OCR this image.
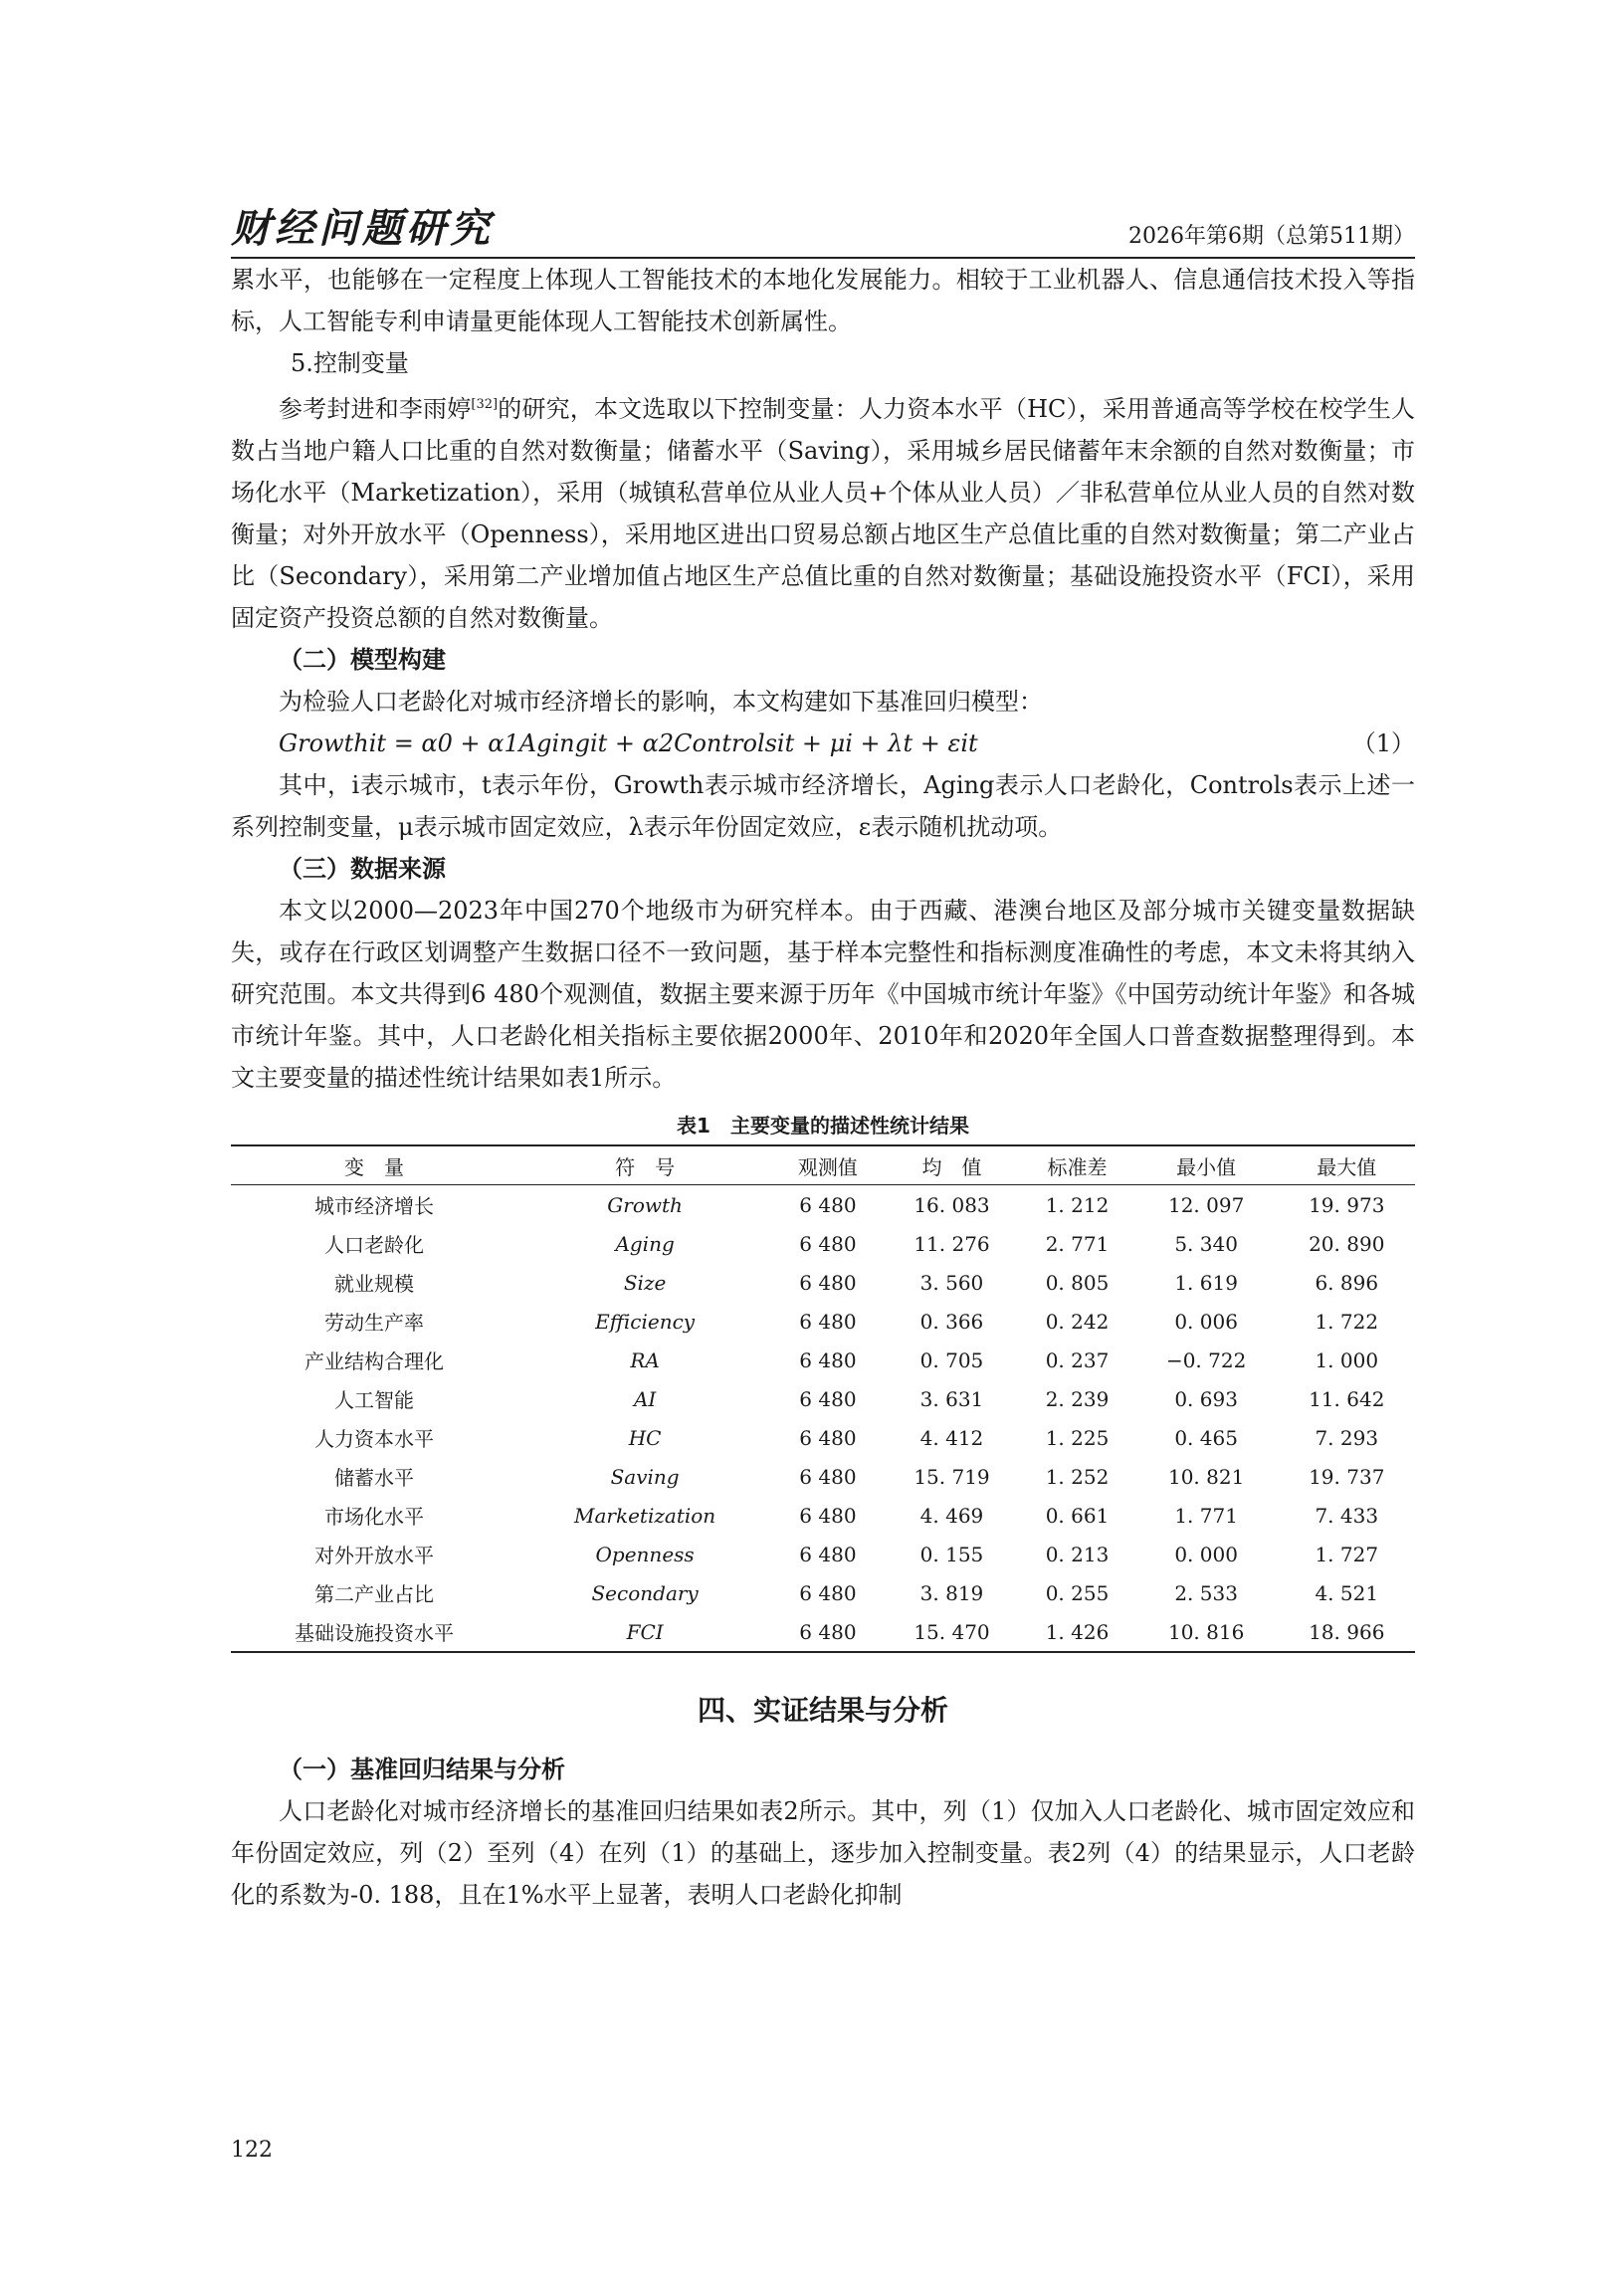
财经问题研究	2026年第6期（总第511期）

累水平，也能够在一定程度上体现人工智能技术的本地化发展能力。相较于工业机器人、信息通信技术投入等指标，人工智能专利申请量更能体现人工智能技术创新属性。

5.控制变量

参考封进和李雨婷[32]的研究，本文选取以下控制变量：人力资本水平（HC），采用普通高等学校在校学生人数占当地户籍人口比重的自然对数衡量；储蓄水平（Saving），采用城乡居民储蓄年末余额的自然对数衡量；市场化水平（Marketization），采用（城镇私营单位从业人员+个体从业人员）／非私营单位从业人员的自然对数衡量；对外开放水平（Openness），采用地区进出口贸易总额占地区生产总值比重的自然对数衡量；第二产业占比（Secondary），采用第二产业增加值占地区生产总值比重的自然对数衡量；基础设施投资水平（FCI），采用固定资产投资总额的自然对数衡量。

（二）模型构建

为检验人口老龄化对城市经济增长的影响，本文构建如下基准回归模型：

Growthit = α0 + α1Agingit + α2Controlsit + μi + λt + εit	（1）

其中，i表示城市，t表示年份，Growth表示城市经济增长，Aging表示人口老龄化，Controls表示上述一系列控制变量，μ表示城市固定效应，λ表示年份固定效应，ε表示随机扰动项。

（三）数据来源

本文以2000—2023年中国270个地级市为研究样本。由于西藏、港澳台地区及部分城市关键变量数据缺失，或存在行政区划调整产生数据口径不一致问题，基于样本完整性和指标测度准确性的考虑，本文未将其纳入研究范围。本文共得到6 480个观测值，数据主要来源于历年《中国城市统计年鉴》《中国劳动统计年鉴》和各城市统计年鉴。其中，人口老龄化相关指标主要依据2000年、2010年和2020年全国人口普查数据整理得到。本文主要变量的描述性统计结果如表1所示。

表1　主要变量的描述性统计结果
变　量	符　号	观测值	均　值	标准差	最小值	最大值
城市经济增长	Growth	6 480	16. 083	1. 212	12. 097	19. 973
人口老龄化	Aging	6 480	11. 276	2. 771	5. 340	20. 890
就业规模	Size	6 480	3. 560	0. 805	1. 619	6. 896
劳动生产率	Efficiency	6 480	0. 366	0. 242	0. 006	1. 722
产业结构合理化	RA	6 480	0. 705	0. 237	−0. 722	1. 000
人工智能	AI	6 480	3. 631	2. 239	0. 693	11. 642
人力资本水平	HC	6 480	4. 412	1. 225	0. 465	7. 293
储蓄水平	Saving	6 480	15. 719	1. 252	10. 821	19. 737
市场化水平	Marketization	6 480	4. 469	0. 661	1. 771	7. 433
对外开放水平	Openness	6 480	0. 155	0. 213	0. 000	1. 727
第二产业占比	Secondary	6 480	3. 819	0. 255	2. 533	4. 521
基础设施投资水平	FCI	6 480	15. 470	1. 426	10. 816	18. 966
四、实证结果与分析
（一）基准回归结果与分析

人口老龄化对城市经济增长的基准回归结果如表2所示。其中，列（1）仅加入人口老龄化、城市固定效应和年份固定效应，列（2）至列（4）在列（1）的基础上，逐步加入控制变量。表2列（4）的结果显示，人口老龄化的系数为-0. 188，且在1%水平上显著，表明人口老龄化抑制

122
